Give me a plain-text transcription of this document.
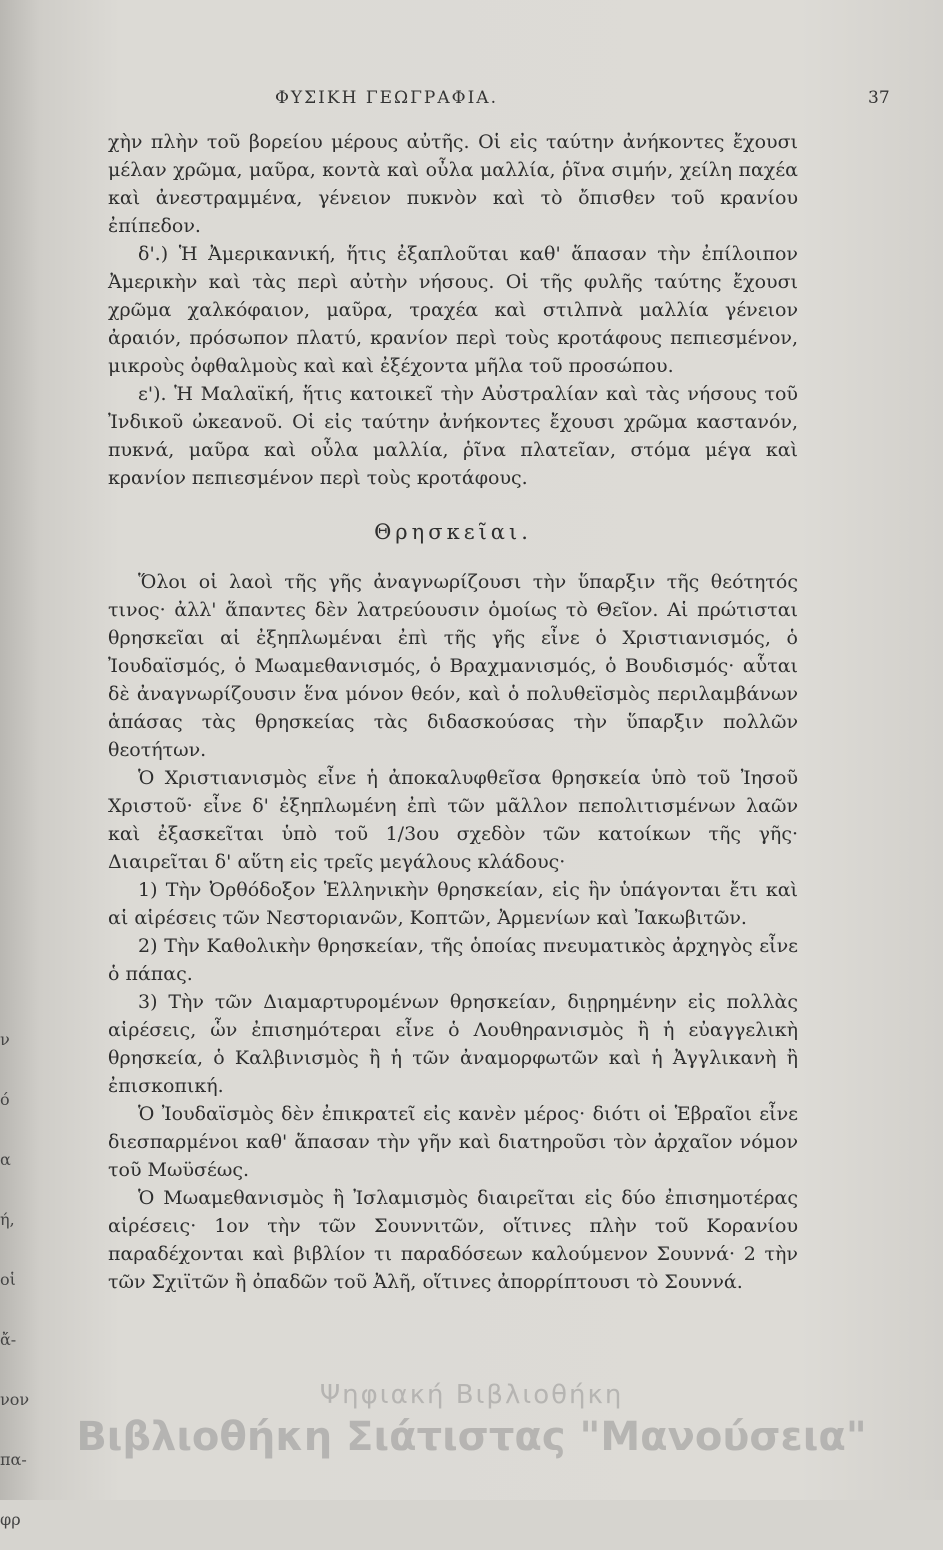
ΦΥΣΙΚΗ ΓΕΩΓΡΑΦΙΑ.	37
ν
ό
α
ή,
οἱ
ἄ-
νον
πα-
φρ

χὴν πλὴν τοῦ βορείου μέρους αὐτῆς. Οἱ εἰς ταύτην ἀνήκοντες ἔχουσι μέλαν χρῶμα, μαῦρα, κοντὰ καὶ οὖλα μαλλία, ῥῖνα σιμήν, χείλη παχέα καὶ ἀνεστραμμένα, γένειον πυκνὸν καὶ τὸ ὄπισθεν τοῦ κρανίου ἐπίπεδον.

δ'.) Ἡ Ἀμερικανική, ἥτις ἐξαπλοῦται καθ' ἅπασαν τὴν ἐπίλοιπον Ἀμερικὴν καὶ τὰς περὶ αὐτὴν νήσους. Οἱ τῆς φυλῆς ταύτης ἔχουσι χρῶμα χαλκόφαιον, μαῦρα, τραχέα καὶ στιλπνὰ μαλλία γένειον ἀραιόν, πρόσωπον πλατύ, κρανίον περὶ τοὺς κροτάφους πεπιεσμένον, μικροὺς ὀφθαλμοὺς καὶ καὶ ἐξέχοντα μῆλα τοῦ προσώπου.

ε'). Ἡ Μαλαϊκή, ἥτις κατοικεῖ τὴν Αὐστραλίαν καὶ τὰς νήσους τοῦ Ἰνδικοῦ ὠκεανοῦ. Οἱ εἰς ταύτην ἀνήκοντες ἔχουσι χρῶμα καστανόν, πυκνά, μαῦρα καὶ οὖλα μαλλία, ῥῖνα πλατεῖαν, στόμα μέγα καὶ κρανίον πεπιεσμένον περὶ τοὺς κροτάφους.

Θρησκεῖαι.

Ὅλοι οἱ λαοὶ τῆς γῆς ἀναγνωρίζουσι τὴν ὕπαρξιν τῆς θεότητός τινος· ἀλλ' ἅπαντες δὲν λατρεύουσιν ὁμοίως τὸ Θεῖον. Αἱ πρώτισται θρησκεῖαι αἱ ἐξηπλωμέναι ἐπὶ τῆς γῆς εἶνε ὁ Χριστιανισμός, ὁ Ἰουδαϊσμός, ὁ Μωαμεθανισμός, ὁ Βραχμανισμός, ὁ Βουδισμός· αὗται δὲ ἀναγνωρίζουσιν ἕνα μόνον θεόν, καὶ ὁ πολυθεϊσμὸς περιλαμβάνων ἁπάσας τὰς θρησκείας τὰς διδασκούσας τὴν ὕπαρξιν πολλῶν θεοτήτων.

Ὁ Χριστιανισμὸς εἶνε ἡ ἀποκαλυφθεῖσα θρησκεία ὑπὸ τοῦ Ἰησοῦ Χριστοῦ· εἶνε δ' ἐξηπλωμένη ἐπὶ τῶν μᾶλλον πεπολιτισμένων λαῶν καὶ ἐξασκεῖται ὑπὸ τοῦ 1/3ου σχεδὸν τῶν κατοίκων τῆς γῆς· Διαιρεῖται δ' αὕτη εἰς τρεῖς μεγάλους κλάδους·

1) Τὴν Ὀρθόδοξον Ἑλληνικὴν θρησκείαν, εἰς ἣν ὑπάγονται ἔτι καὶ αἱ αἱρέσεις τῶν Νεστοριανῶν, Κοπτῶν, Ἀρμενίων καὶ Ἰακωβιτῶν.

2) Τὴν Καθολικὴν θρησκείαν, τῆς ὁποίας πνευματικὸς ἀρχηγὸς εἶνε ὁ πάπας.

3) Τὴν τῶν Διαμαρτυρομένων θρησκείαν, διῃρημένην εἰς πολλὰς αἱρέσεις, ὧν ἐπισημότεραι εἶνε ὁ Λουθηρανισμὸς ἢ ἡ εὐαγγελικὴ θρησκεία, ὁ Καλβινισμὸς ἢ ἡ τῶν ἀναμορφωτῶν καὶ ἡ Ἀγγλικανὴ ἢ ἐπισκοπική.

Ὁ Ἰουδαϊσμὸς δὲν ἐπικρατεῖ εἰς κανὲν μέρος· διότι οἱ Ἑβραῖοι εἶνε διεσπαρμένοι καθ' ἅπασαν τὴν γῆν καὶ διατηροῦσι τὸν ἀρχαῖον νόμον τοῦ Μωϋσέως.

Ὁ Μωαμεθανισμὸς ἢ Ἰσλαμισμὸς διαιρεῖται εἰς δύο ἐπισημοτέρας αἱρέσεις· 1ον τὴν τῶν Σουννιτῶν, οἵτινες πλὴν τοῦ Κορανίου παραδέχονται καὶ βιβλίον τι παραδόσεων καλούμενον Σουννά· 2 τὴν τῶν Σχιϊτῶν ἢ ὀπαδῶν τοῦ Ἀλῆ, οἵτινες ἀπορρίπτουσι τὸ Σουννά.

Ψηφιακή Βιβλιοθήκη
Βιβλιοθήκη Σιάτιστας "Μανούσεια"
